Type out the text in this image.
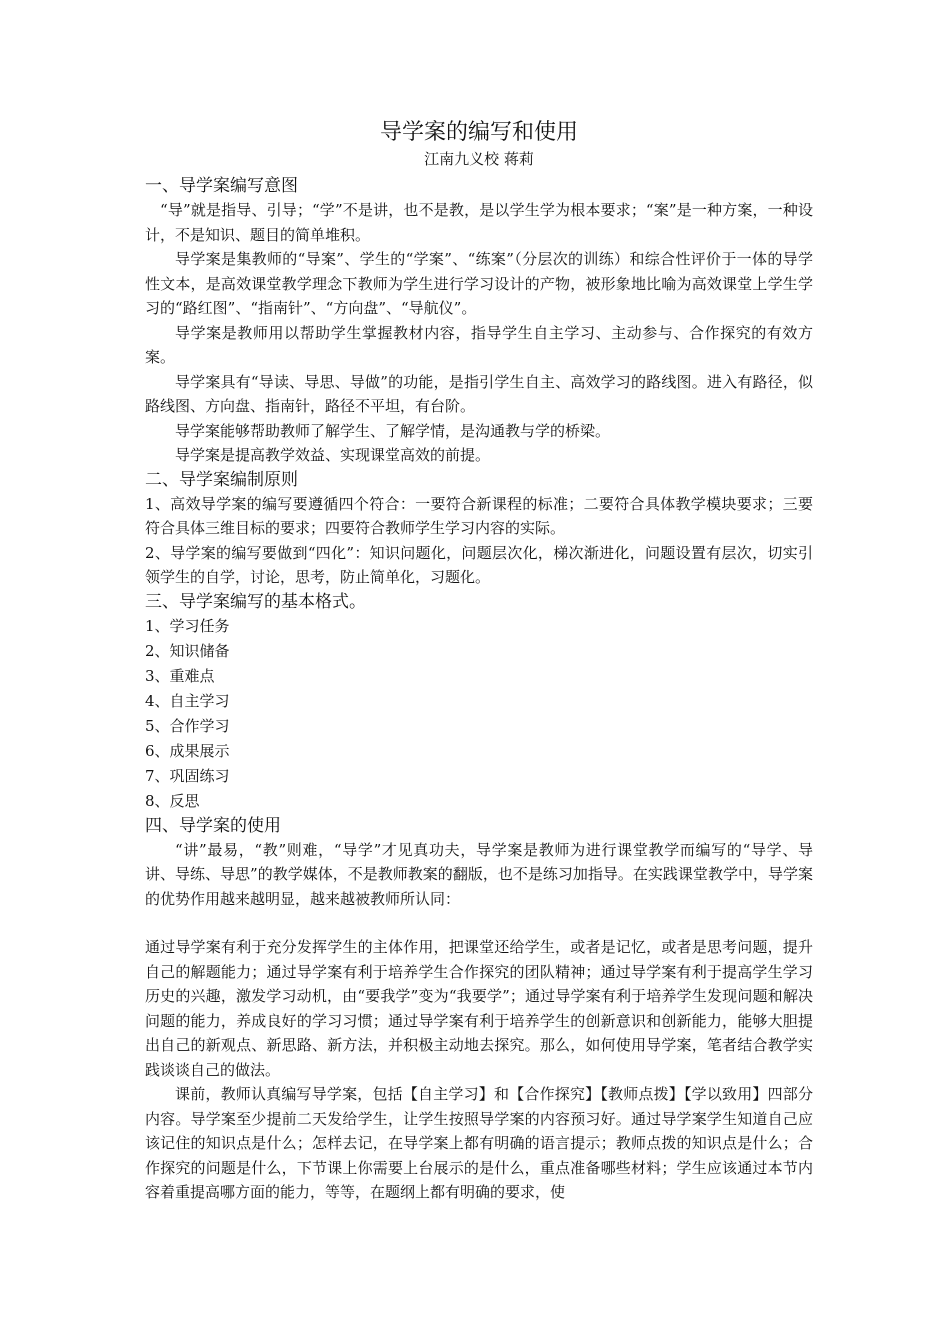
导学案的编写和使用

江南九义校 蒋莉

一、导学案编写意图

“导”就是指导、引导；“学”不是讲，也不是教，是以学生学为根本要求；“案”是一种方案，一种设计，不是知识、题目的简单堆积。

导学案是集教师的“导案”、学生的“学案”、“练案”（分层次的训练）和综合性评价于一体的导学性文本，是高效课堂教学理念下教师为学生进行学习设计的产物，被形象地比喻为高效课堂上学生学习的“路红图”、“指南针”、“方向盘”、“导航仪”。

导学案是教师用以帮助学生掌握教材内容，指导学生自主学习、主动参与、合作探究的有效方案。

导学案具有“导读、导思、导做”的功能，是指引学生自主、高效学习的路线图。进入有路径，似路线图、方向盘、指南针，路径不平坦，有台阶。

导学案能够帮助教师了解学生、了解学情，是沟通教与学的桥梁。

导学案是提高教学效益、实现课堂高效的前提。

二、导学案编制原则

1、高效导学案的编写要遵循四个符合：一要符合新课程的标准；二要符合具体教学模块要求；三要符合具体三维目标的要求；四要符合教师学生学习内容的实际。

2、导学案的编写要做到“四化”：知识问题化，问题层次化，梯次渐进化，问题设置有层次，切实引领学生的自学，讨论，思考，防止简单化，习题化。

三、导学案编写的基本格式。

1、学习任务

2、知识储备

3、重难点

4、自主学习

5、合作学习

6、成果展示

7、巩固练习

8、反思

四、导学案的使用

“讲”最易，“教”则难，“导学”才见真功夫，导学案是教师为进行课堂教学而编写的“导学、导讲、导练、导思”的教学媒体，不是教师教案的翻版，也不是练习加指导。在实践课堂教学中，导学案的优势作用越来越明显，越来越被教师所认同：

通过导学案有利于充分发挥学生的主体作用，把课堂还给学生，或者是记忆，或者是思考问题，提升自己的解题能力；通过导学案有利于培养学生合作探究的团队精神；通过导学案有利于提高学生学习历史的兴趣，激发学习动机，由“要我学”变为“我要学”；通过导学案有利于培养学生发现问题和解决问题的能力，养成良好的学习习惯；通过导学案有利于培养学生的创新意识和创新能力，能够大胆提出自己的新观点、新思路、新方法，并积极主动地去探究。那么，如何使用导学案，笔者结合教学实践谈谈自己的做法。

课前，教师认真编写导学案，包括【自主学习】和【合作探究】【教师点拨】【学以致用】四部分内容。导学案至少提前二天发给学生，让学生按照导学案的内容预习好。通过导学案学生知道自己应该记住的知识点是什么；怎样去记，在导学案上都有明确的语言提示；教师点拨的知识点是什么；合作探究的问题是什么，下节课上你需要上台展示的是什么，重点准备哪些材料；学生应该通过本节内容着重提高哪方面的能力，等等，在题纲上都有明确的要求，使
